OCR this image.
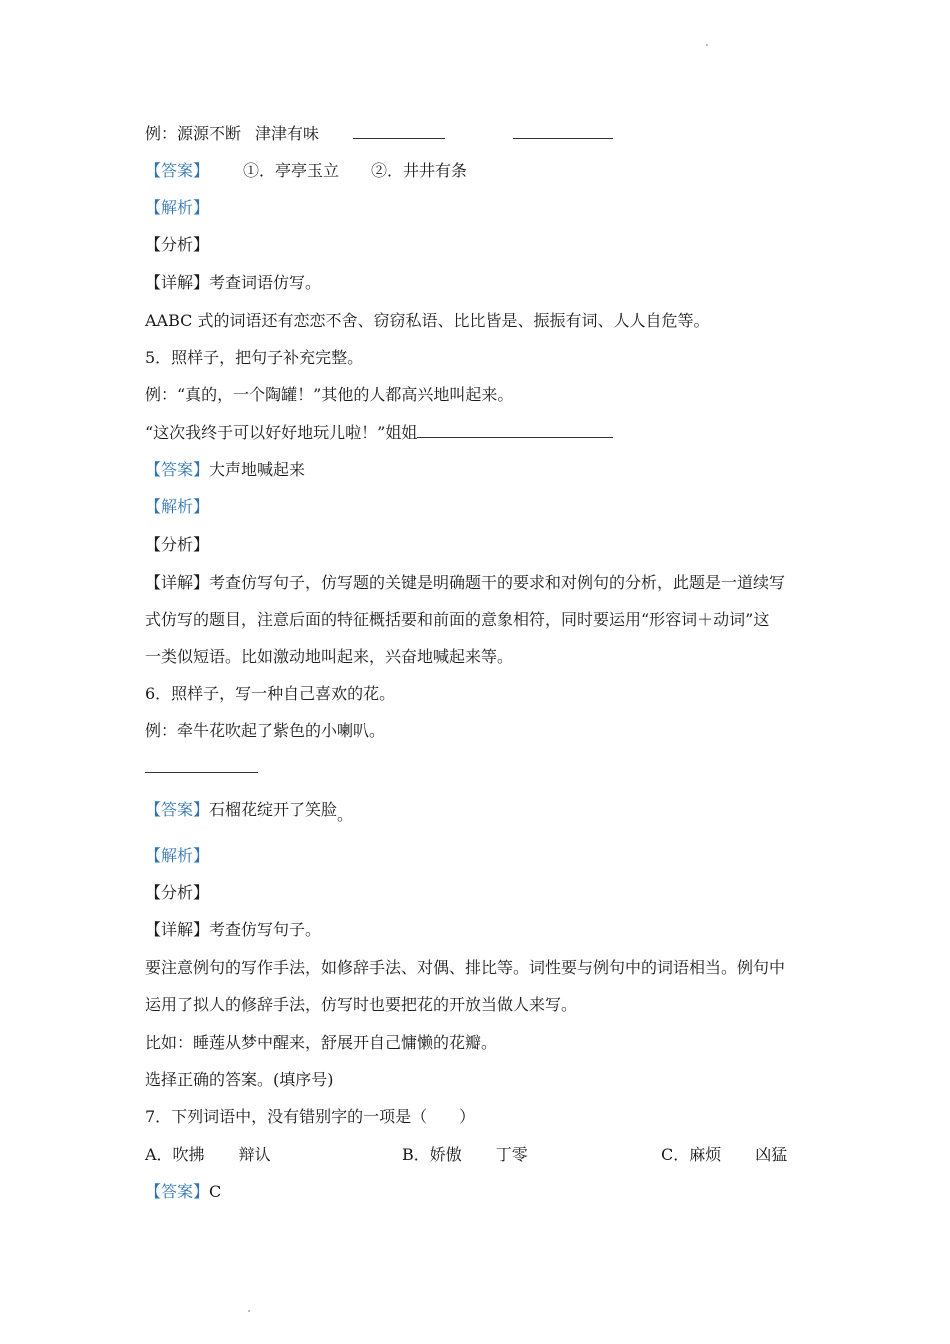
例：源源不断 津津有味
【答案】 ①．亭亭玉立 ②．井井有条
【解析】
【分析】
【详解】考查词语仿写。
AABC 式的词语还有恋恋不舍、窃窃私语、比比皆是、振振有词、人人自危等。
5．照样子，把句子补充完整。
例：“真的，一个陶罐！”其他的人都高兴地叫起来。
“这次我终于可以好好地玩儿啦！”姐姐
【答案】大声地喊起来
【解析】
【分析】
【详解】考查仿写句子，仿写题的关键是明确题干的要求和对例句的分析，此题是一道续写
式仿写的题目，注意后面的特征概括要和前面的意象相符，同时要运用“形容词＋动词”这
一类似短语。比如激动地叫起来，兴奋地喊起来等。
6．照样子，写一种自己喜欢的花。
例：牵牛花吹起了紫色的小喇叭。
【答案】石榴花绽开了笑脸。
【解析】
【分析】
【详解】考查仿写句子。
要注意例句的写作手法，如修辞手法、对偶、排比等。词性要与例句中的词语相当。例句中
运用了拟人的修辞手法，仿写时也要把花的开放当做人来写。
比如：睡莲从梦中醒来，舒展开自己慵懒的花瓣。
选择正确的答案。(填序号)
7．下列词语中，没有错别字的一项是（　　）
A．吹拂 辩认	B．娇傲 丁零	C．麻烦 凶猛
【答案】C
